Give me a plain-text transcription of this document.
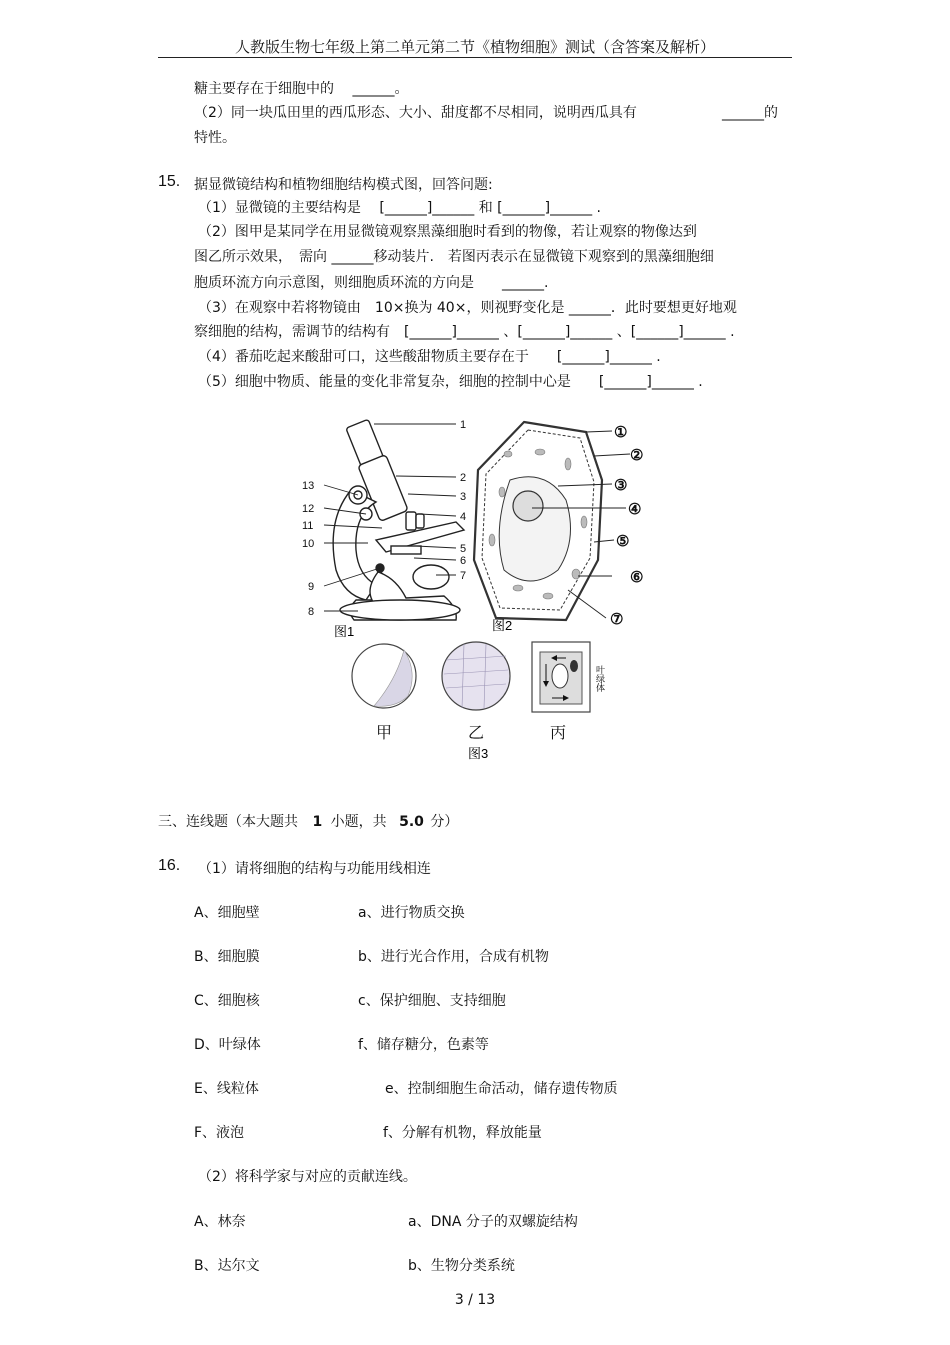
人教版生物七年级上第二单元第二节《植物细胞》测试（含答案及解析）
糖主要存在于细胞中的　 ______。
（2）同一块瓜田里的西瓜形态、大小、甜度都不尽相同，说明西瓜具有	______的
特性。
15. 据显微镜结构和植物细胞结构模式图，回答问题:
（1）显微镜的主要结构是　 [______]______ 和 [______]______ .
（2）图甲是某同学在用显微镜观察黑藻细胞时看到的物像，若让观察的物像达到
图乙所示效果，　需向 ______移动装片.　若图丙表示在显微镜下观察到的黑藻细胞细
胞质环流方向示意图，则细胞质环流的方向是　　______.
（3）在观察中若将物镜由　10×换为 40×，则视野变化是 ______．此时要想更好地观
察细胞的结构，需调节的结构有　[______]______ 、[______]______ 、[______]______ .
（4）番茄吃起来酸甜可口，这些酸甜物质主要存在于　　[______]______ .
（5）细胞中物质、能量的变化非常复杂，细胞的控制中心是　　[______]______ .
1
2
3
4
5
6
7
8
9
10
11
12
13
图1
①
②
③
④
⑤
⑥
⑦
图2
叶绿体
甲	乙	丙
图3
三、连线题（本大题共 1 小题，共 5.0 分）
16. （1）请将细胞的结构与功能用线相连
A、细胞壁	a、进行物质交换
B、细胞膜	b、进行光合作用，合成有机物
C、细胞核	c、保护细胞、支持细胞
D、叶绿体	f、储存糖分，色素等
E、线粒体	e、控制细胞生命活动，储存遗传物质
F、液泡	f、分解有机物，释放能量
（2）将科学家与对应的贡献连线。
A、林奈	a、DNA 分子的双螺旋结构
B、达尔文	b、生物分类系统
3 / 13
